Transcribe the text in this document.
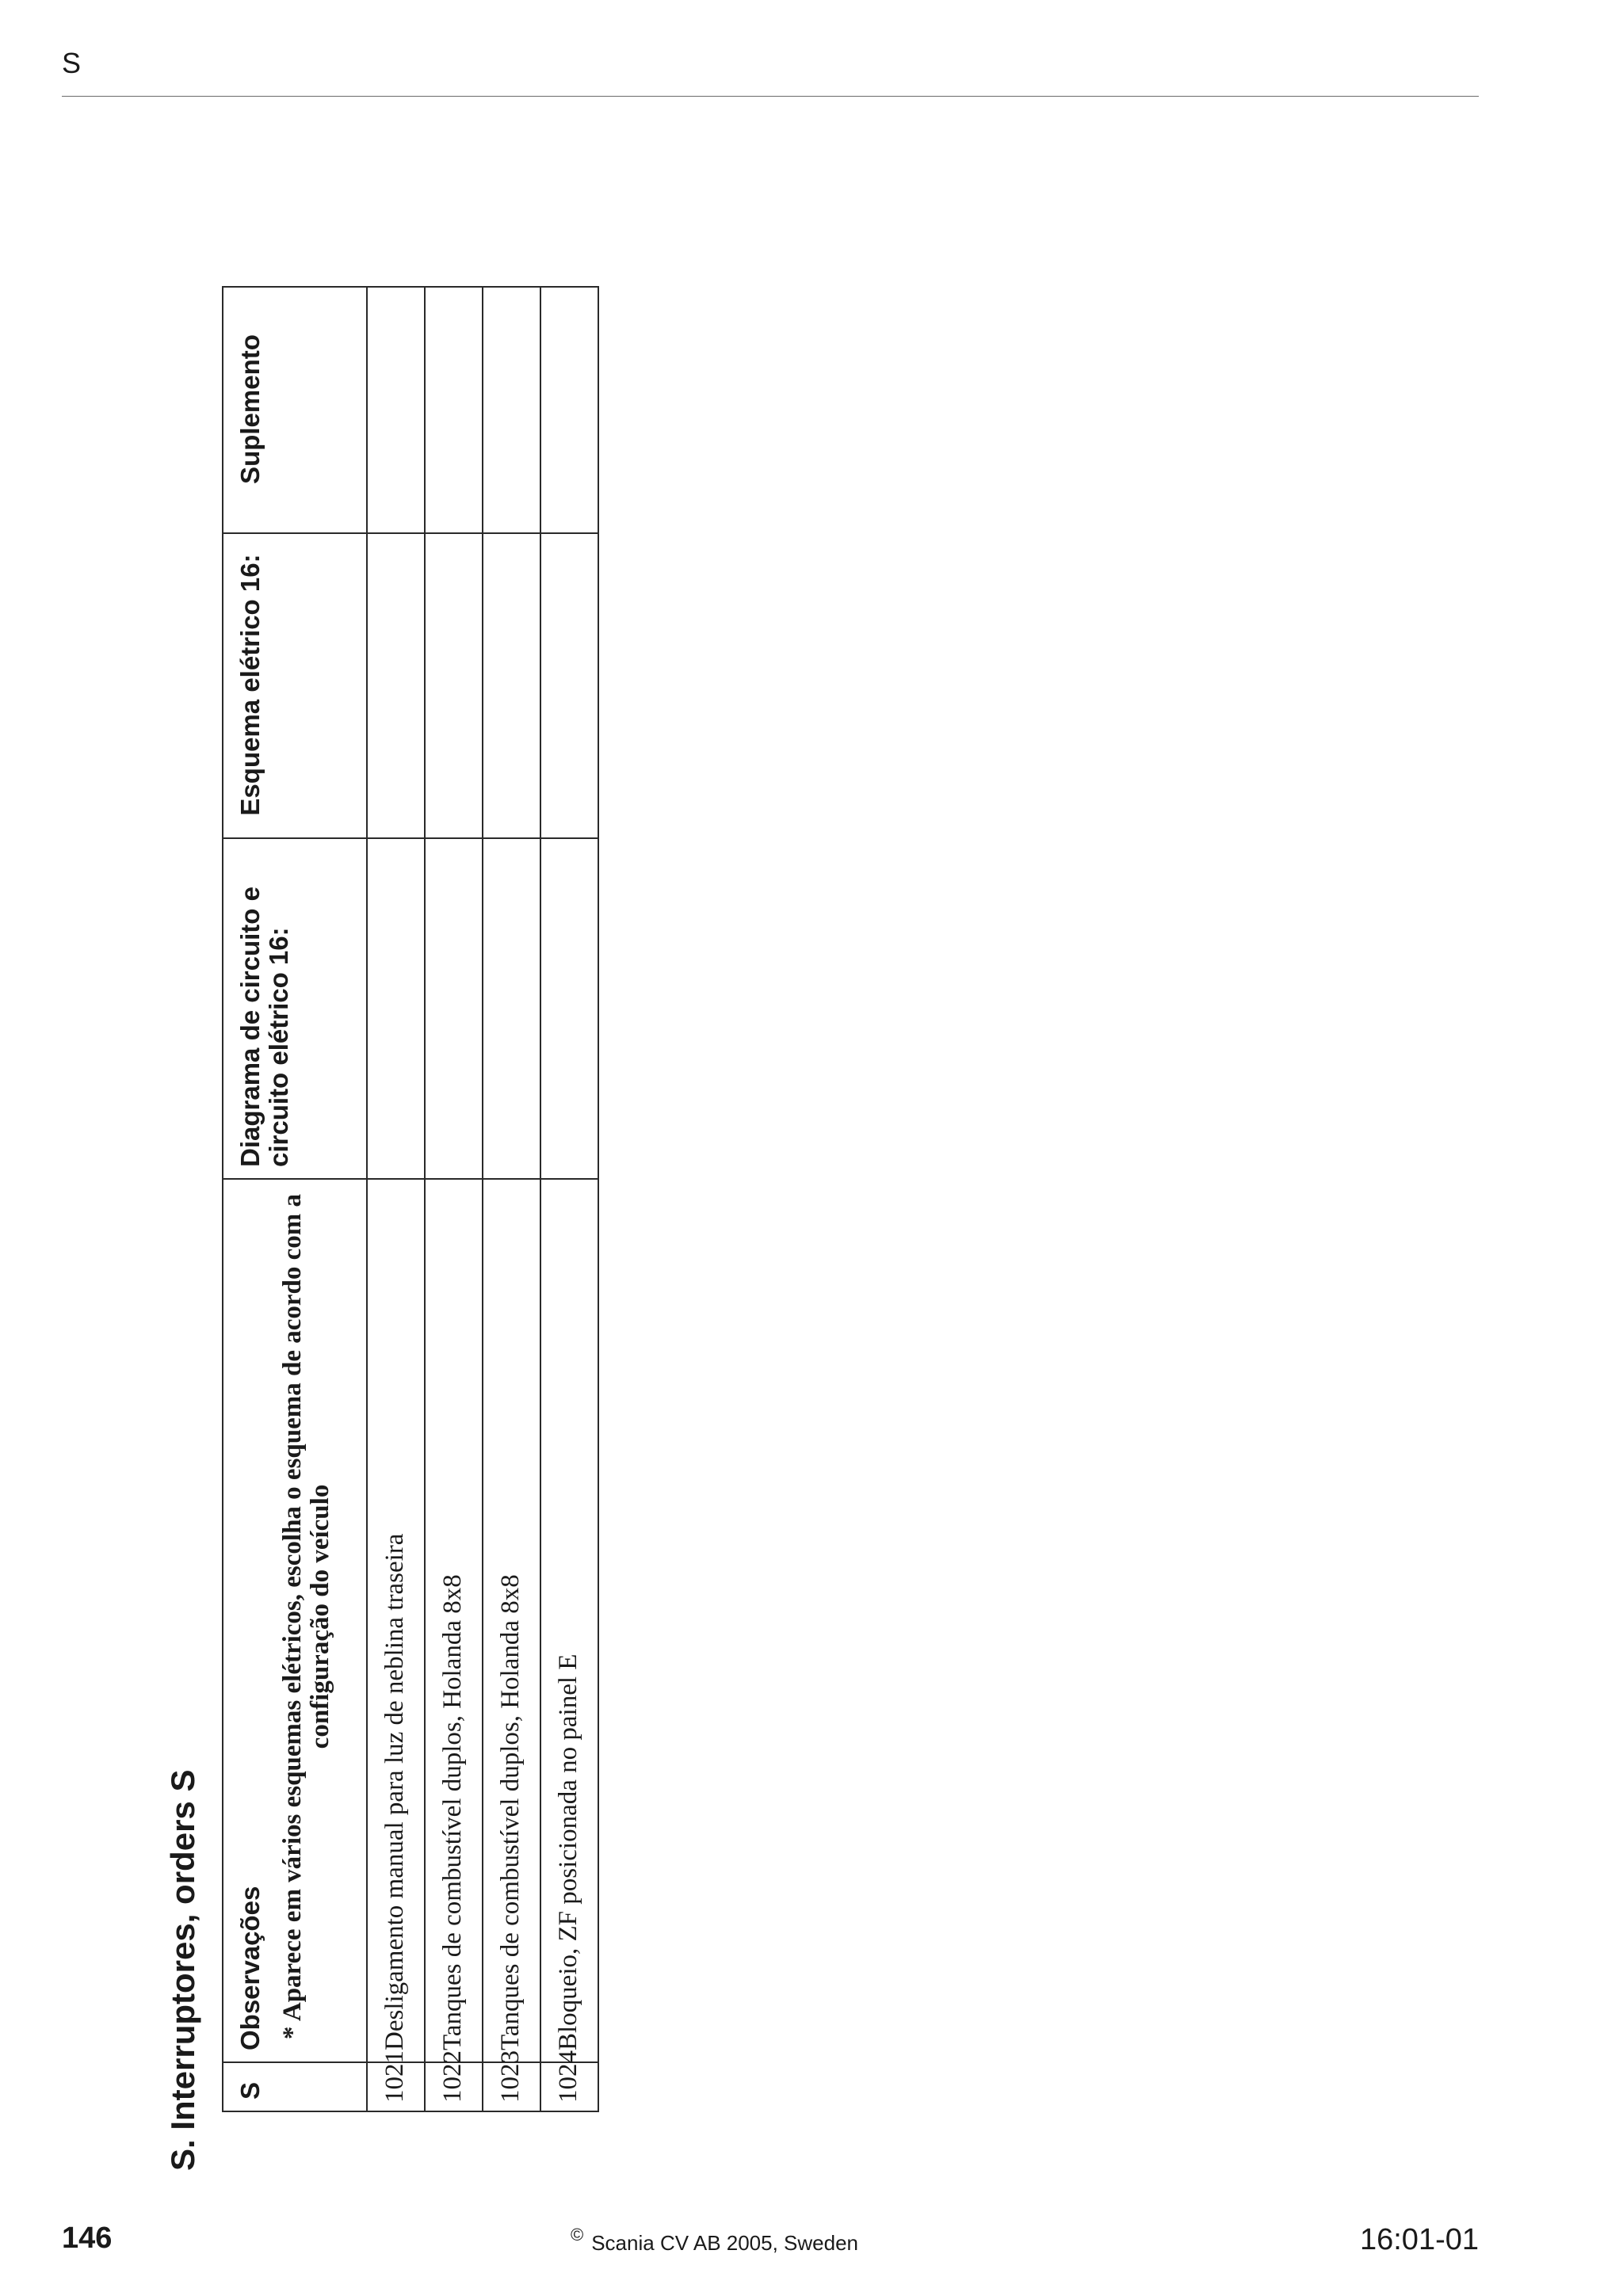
S
S. Interruptores, orders S	S	Observações * Aparece em vários esquemas elétricos, escolha o esquema de acordo com a configuração do veículo	Diagrama de circuito e circuito elétrico 16:	Esquema elétrico 16:	Suplemento

1021	Desligamento manual para luz de neblina traseira			

1022	Tanques de combustível duplos, Holanda 8x8			

1023	Tanques de combustível duplos, Holanda 8x8			

1024	Bloqueio, ZF posicionada no painel E			

146	© Scania CV AB 2005, Sweden	16:01-01
